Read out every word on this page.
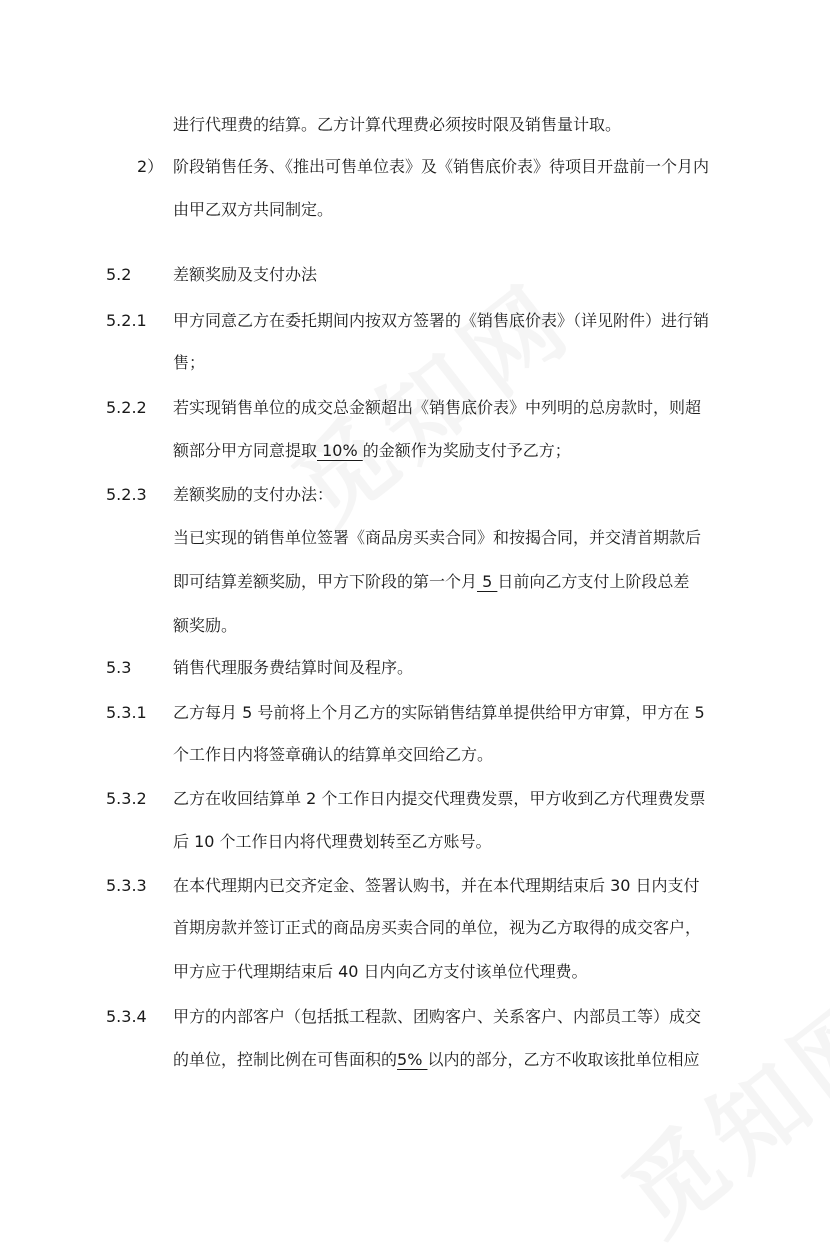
进行代理费的结算。乙方计算代理费必须按时限及销售量计取。
2） 阶段销售任务、《推出可售单位表》及《销售底价表》待项目开盘前一个月内
由甲乙双方共同制定。
5.2	差额奖励及支付办法
5.2.1 甲方同意乙方在委托期间内按双方签署的《销售底价表》（详见附件）进行销
售；
5.2.2 若实现销售单位的成交总金额超出《销售底价表》中列明的总房款时，则超
额部分甲方同意提取 10% 的金额作为奖励支付予乙方；
5.2.3 差额奖励的支付办法：
当已实现的销售单位签署《商品房买卖合同》和按揭合同，并交清首期款后
即可结算差额奖励，甲方下阶段的第一个月 5 日前向乙方支付上阶段总差
额奖励。
5.3	销售代理服务费结算时间及程序。
5.3.1 乙方每月 5 号前将上个月乙方的实际销售结算单提供给甲方审算，甲方在 5
个工作日内将签章确认的结算单交回给乙方。
5.3.2 乙方在收回结算单 2 个工作日内提交代理费发票，甲方收到乙方代理费发票
后 10 个工作日内将代理费划转至乙方账号。
5.3.3 在本代理期内已交齐定金、签署认购书，并在本代理期结束后 30 日内支付
首期房款并签订正式的商品房买卖合同的单位，视为乙方取得的成交客户，
甲方应于代理期结束后 40 日内向乙方支付该单位代理费。
5.3.4 甲方的内部客户（包括抵工程款、团购客户、关系客户、内部员工等）成交
的单位，控制比例在可售面积的5% 以内的部分，乙方不收取该批单位相应
